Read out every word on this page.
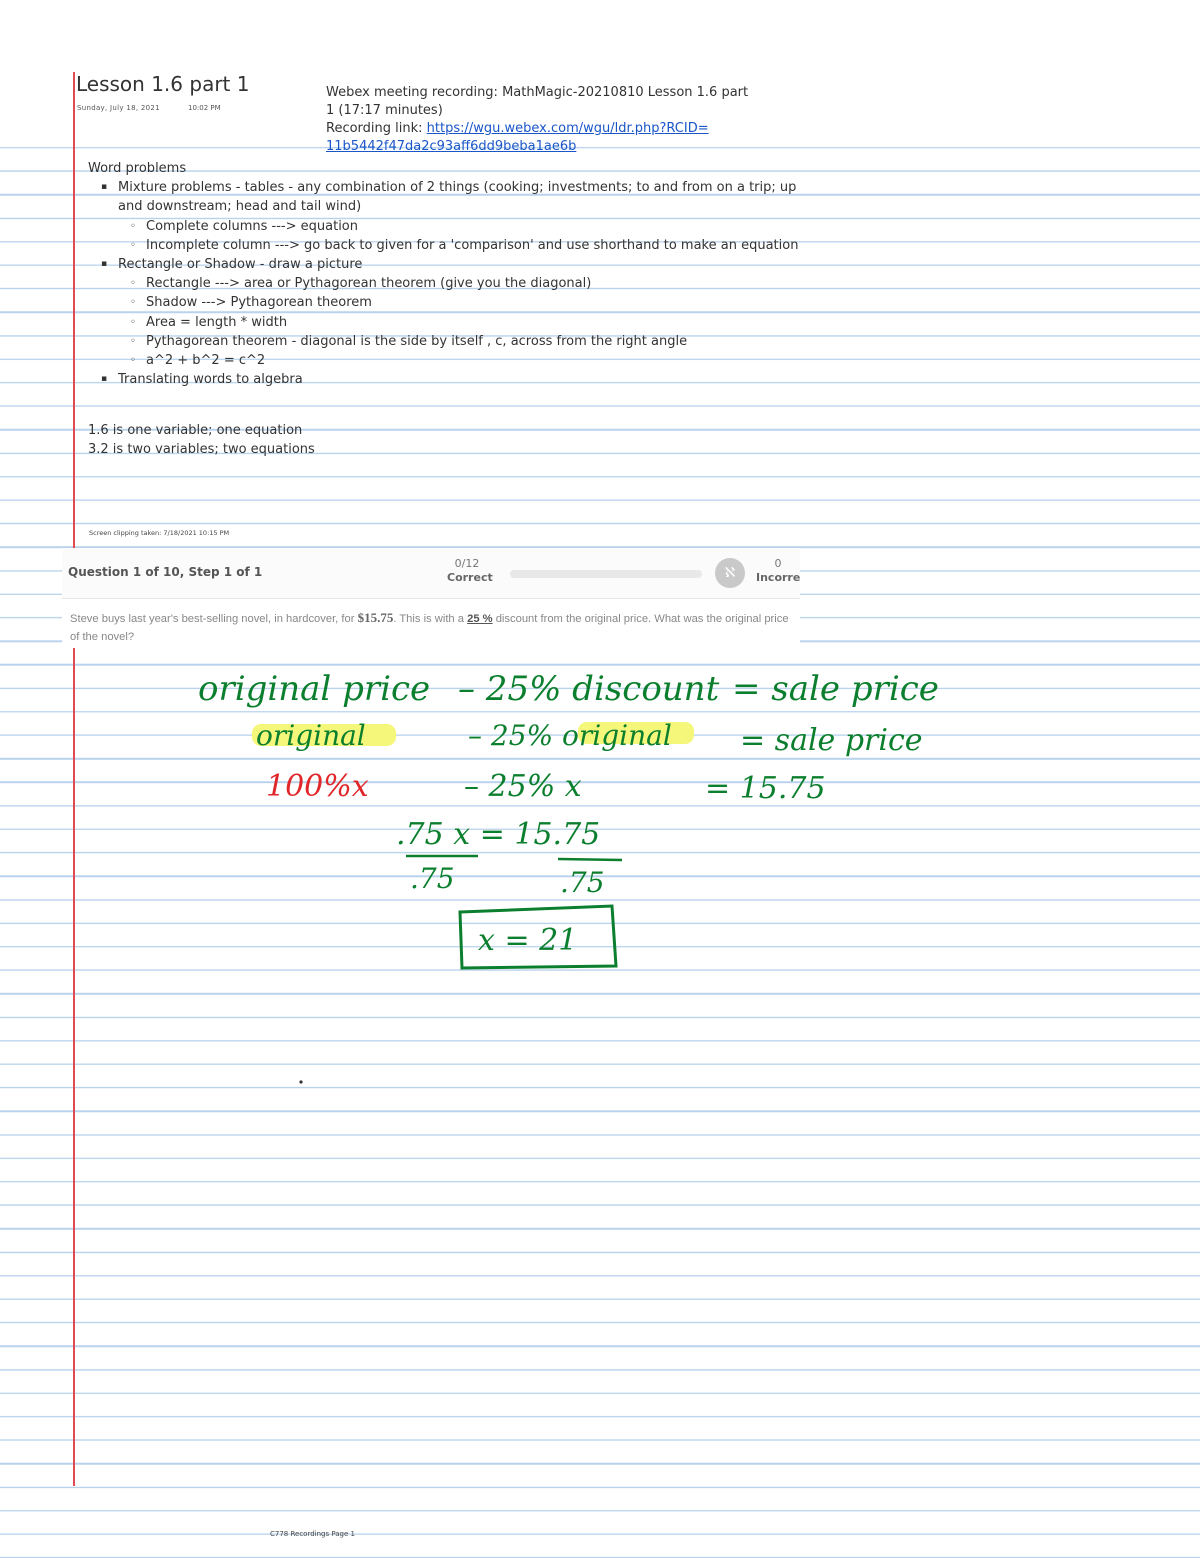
Lesson 1.6 part 1
Sunday, July 18, 2021	10:02 PM
Webex meeting recording: MathMagic-20210810 Lesson 1.6 part
1 (17:17 minutes)
Recording link: https://wgu.webex.com/wgu/ldr.php?RCID=
11b5442f47da2c93aff6dd9beba1ae6b
Word problems
▪ Mixture problems - tables - any combination of 2 things (cooking; investments; to and from on a trip; up
and downstream; head and tail wind)
◦ Complete columns ---> equation
◦ Incomplete column ---> go back to given for a 'comparison' and use shorthand to make an equation
▪ Rectangle or Shadow - draw a picture
◦ Rectangle ---> area or Pythagorean theorem (give you the diagonal)
◦ Shadow ---> Pythagorean theorem
◦ Area = length * width
◦ Pythagorean theorem - diagonal is the side by itself , c, across from the right angle
◦ a^2 + b^2 = c^2
▪ Translating words to algebra
1.6 is one variable; one equation
3.2 is two variables; two equations
Screen clipping taken: 7/18/2021 10:15 PM
Question 1 of 10, Step 1 of 1
0/12
Correct	ℵ
0
Incorre
Steve buys last year's best-selling novel, in hardcover, for $15.75. This is with a 25 % discount from the original price. What was the original price of the novel?
original price – 25% discount = sale price
original	– 25% original = sale price
100%x	– 25% x	= 15.75
.75 x = 15.75
.75	.75
x = 21
C778 Recordings Page 1
